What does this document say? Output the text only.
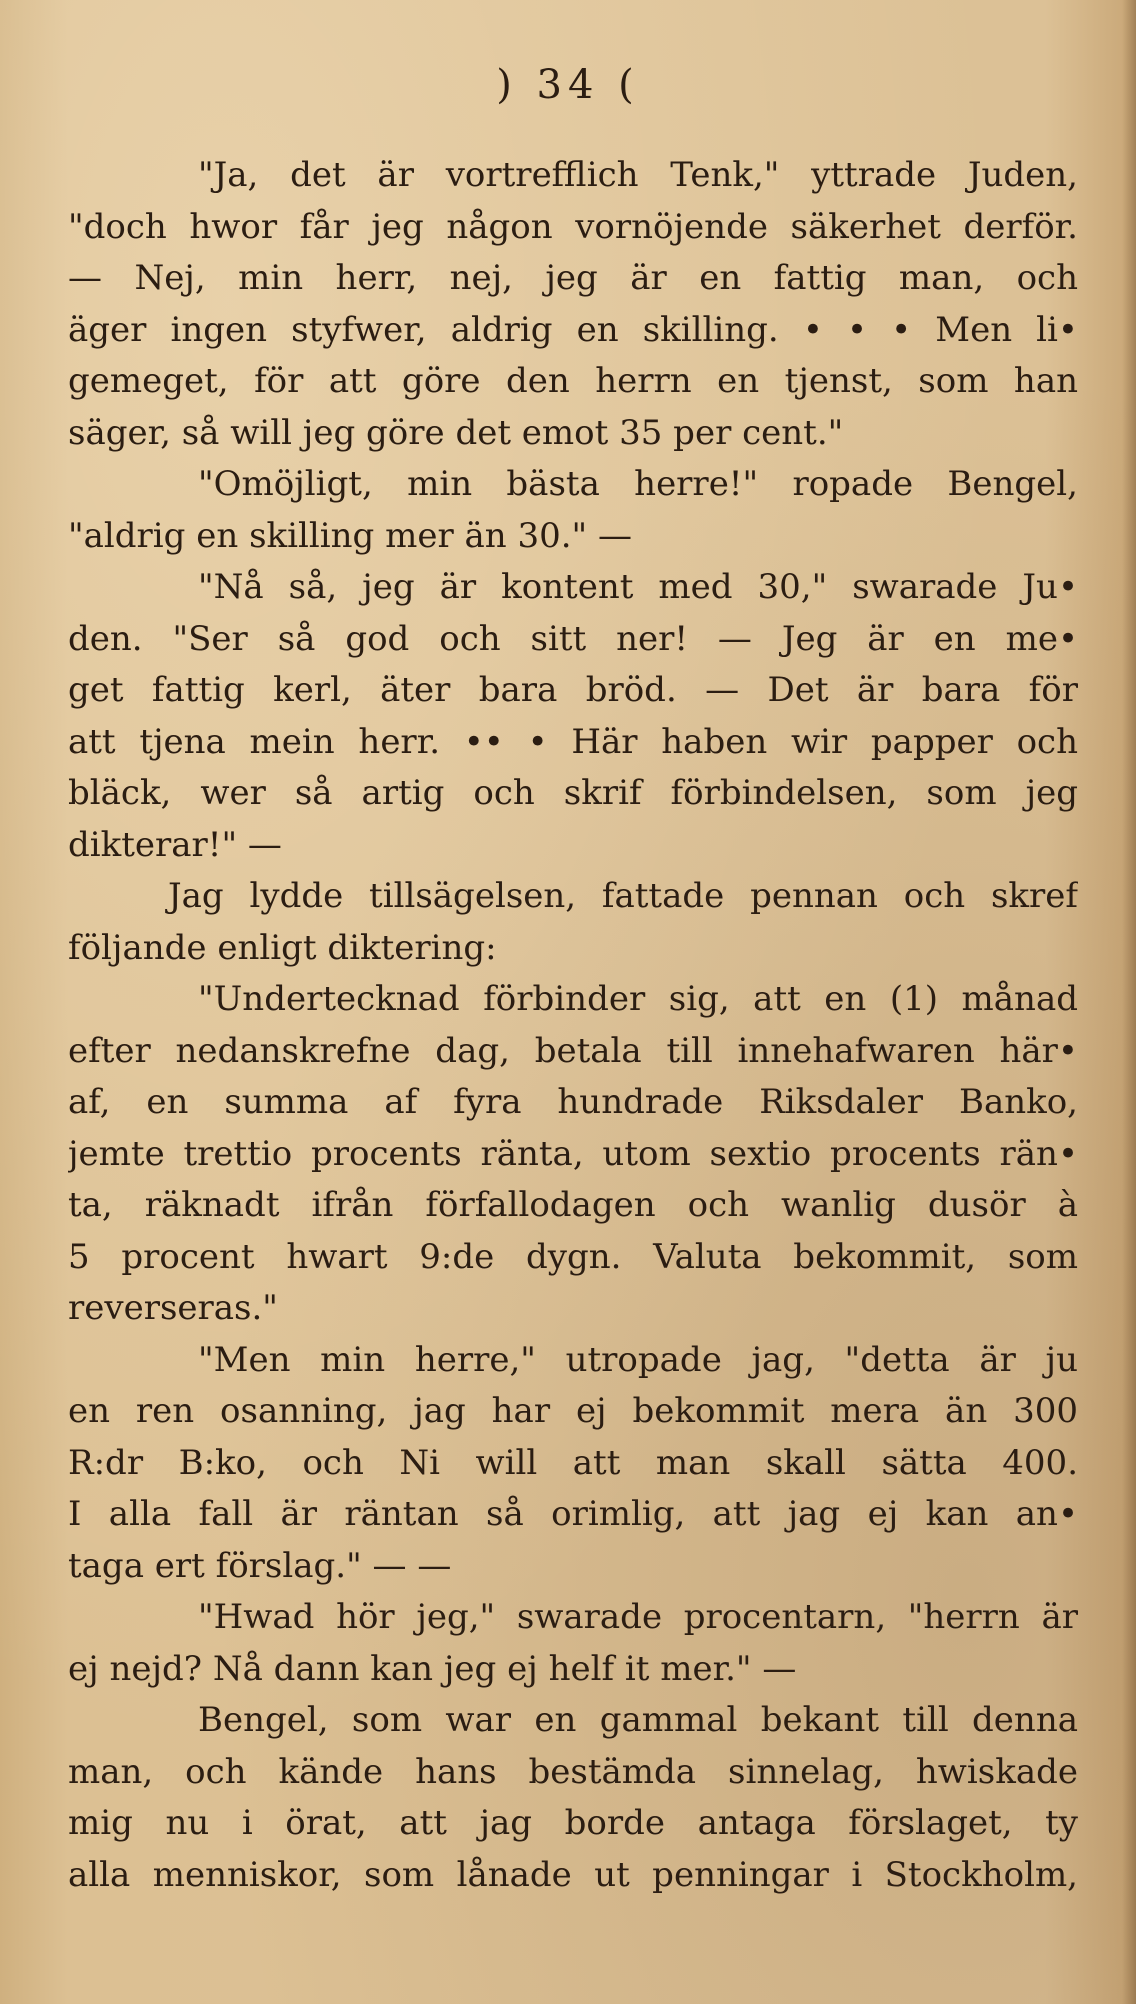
) 34 (
"Ja, det är vortrefflich Tenk," yttrade Juden,
"doch hwor får jeg någon vornöjende säkerhet derför.
— Nej, min herr, nej, jeg är en fattig man, och
äger ingen styfwer, aldrig en skilling. • • • Men li•
gemeget, för att göre den herrn en tjenst, som han
säger, så will jeg göre det emot 35 per cent."
"Omöjligt, min bästa herre!" ropade Bengel,
"aldrig en skilling mer än 30." —
"Nå så, jeg är kontent med 30," swarade Ju•
den. "Ser så god och sitt ner! — Jeg är en me•
get fattig kerl, äter bara bröd. — Det är bara för
att tjena mein herr. •• • Här haben wir papper och
bläck, wer så artig och skrif förbindelsen, som jeg
dikterar!" —
Jag lydde tillsägelsen, fattade pennan och skref
följande enligt diktering:
"Undertecknad förbinder sig, att en (1) månad
efter nedanskrefne dag, betala till innehafwaren här•
af, en summa af fyra hundrade Riksdaler Banko,
jemte trettio procents ränta, utom sextio procents rän•
ta, räknadt ifrån förfallodagen och wanlig dusör à
5 procent hwart 9:de dygn. Valuta bekommit, som
reverseras."
"Men min herre," utropade jag, "detta är ju
en ren osanning, jag har ej bekommit mera än 300
R:dr B:ko, och Ni will att man skall sätta 400.
I alla fall är räntan så orimlig, att jag ej kan an•
taga ert förslag." — —
"Hwad hör jeg," swarade procentarn, "herrn är
ej nejd? Nå dann kan jeg ej helf it mer." —
Bengel, som war en gammal bekant till denna
man, och kände hans bestämda sinnelag, hwiskade
mig nu i örat, att jag borde antaga förslaget, ty
alla menniskor, som lånade ut penningar i Stockholm,
